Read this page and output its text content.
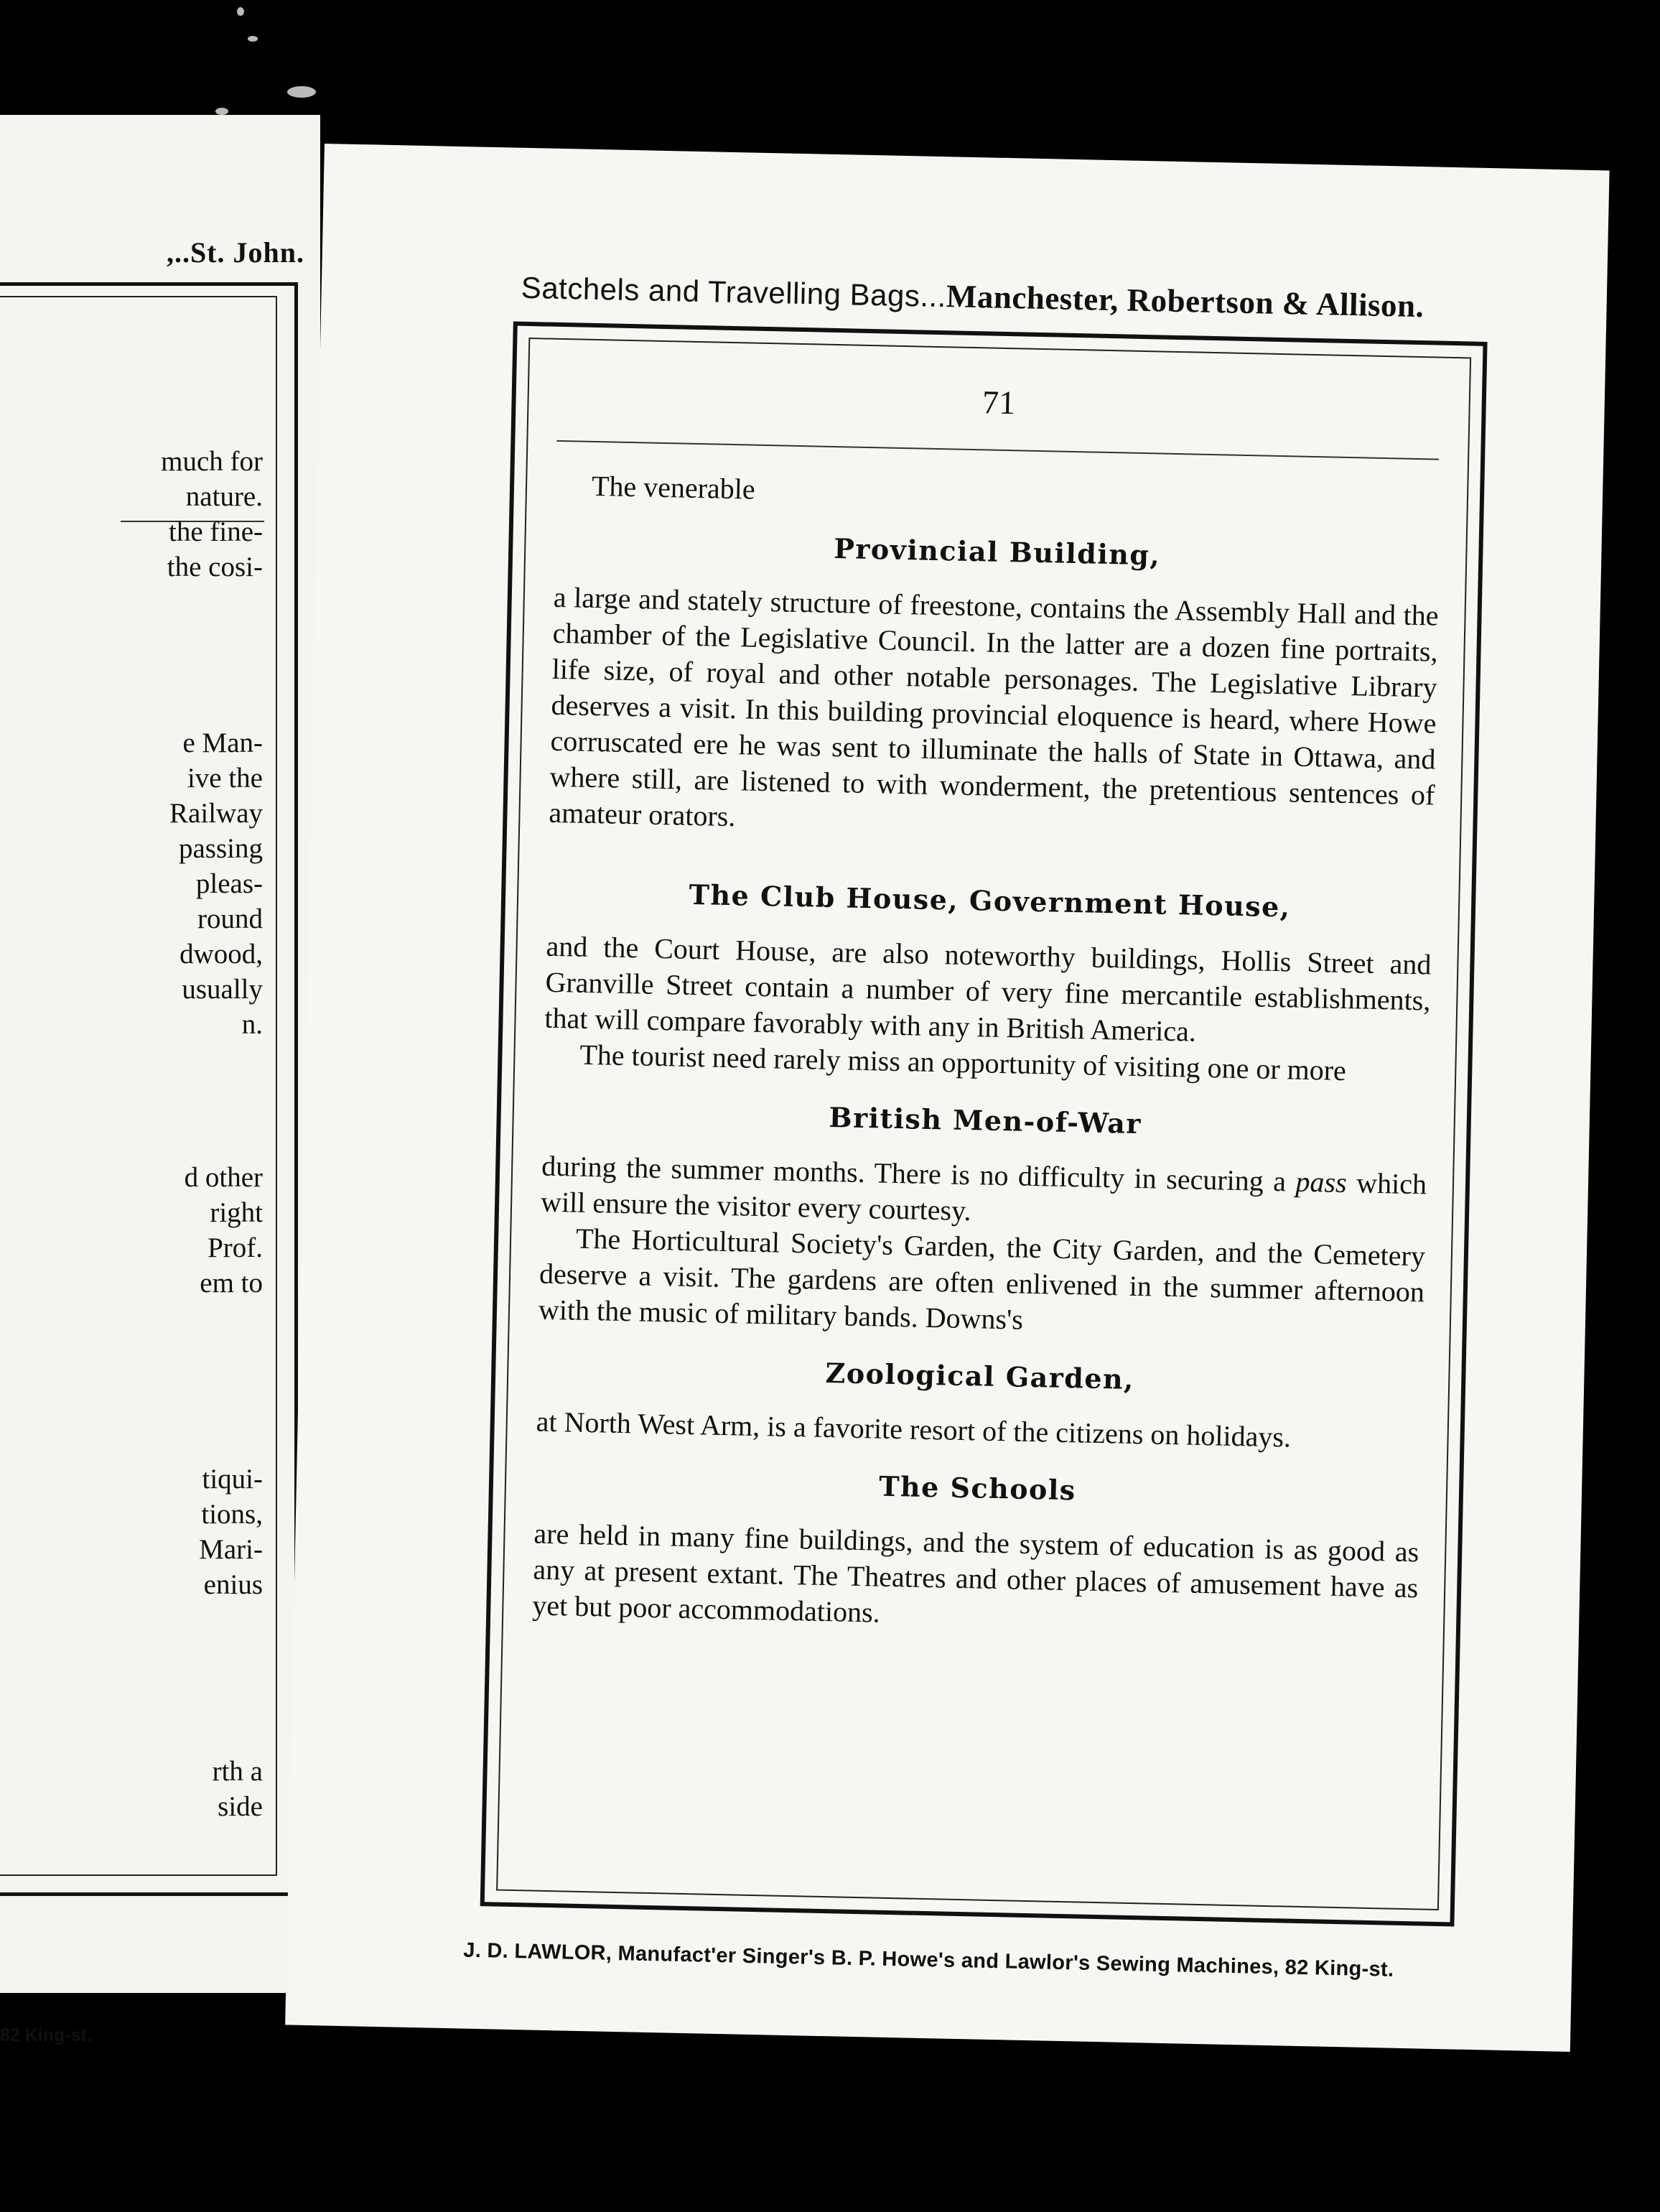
,..St. John.
much for
nature.
the fine-
the cosi-
e Man-
ive the
Railway
passing
pleas-
round
dwood,
usually
n.
d other
right
Prof.
em to
tiqui-
tions,
Mari-
enius
rth a
side
82 King-st.
Satchels and Travelling Bags...Manchester, Robertson & Allison.
71

The venerable

Provincial Building,

a large and stately structure of freestone, contains the Assembly Hall and the chamber of the Legislative Council. In the latter are a dozen fine portraits, life size, of royal and other notable personages. The Legislative Library deserves a visit. In this building provincial eloquence is heard, where Howe corruscated ere he was sent to illuminate the halls of State in Ottawa, and where still, are listened to with wonderment, the pretentious sentences of amateur orators.

The Club House, Government House,

and the Court House, are also noteworthy buildings, Hollis Street and Granville Street contain a number of very fine mercantile establishments, that will compare favorably with any in British America.

The tourist need rarely miss an opportunity of visiting one or more

British Men-of-War

during the summer months. There is no difficulty in securing a pass which will ensure the visitor every courtesy.

The Horticultural Society's Garden, the City Garden, and the Cemetery deserve a visit. The gardens are often enlivened in the summer afternoon with the music of military bands. Downs's

Zoological Garden,

at North West Arm, is a favorite resort of the citizens on holidays.

The Schools

are held in many fine buildings, and the system of education is as good as any at present extant. The Theatres and other places of amusement have as yet but poor accommodations.

J. D. LAWLOR, Manufact'er Singer's B. P. Howe's and Lawlor's Sewing Machines, 82 King-st.
